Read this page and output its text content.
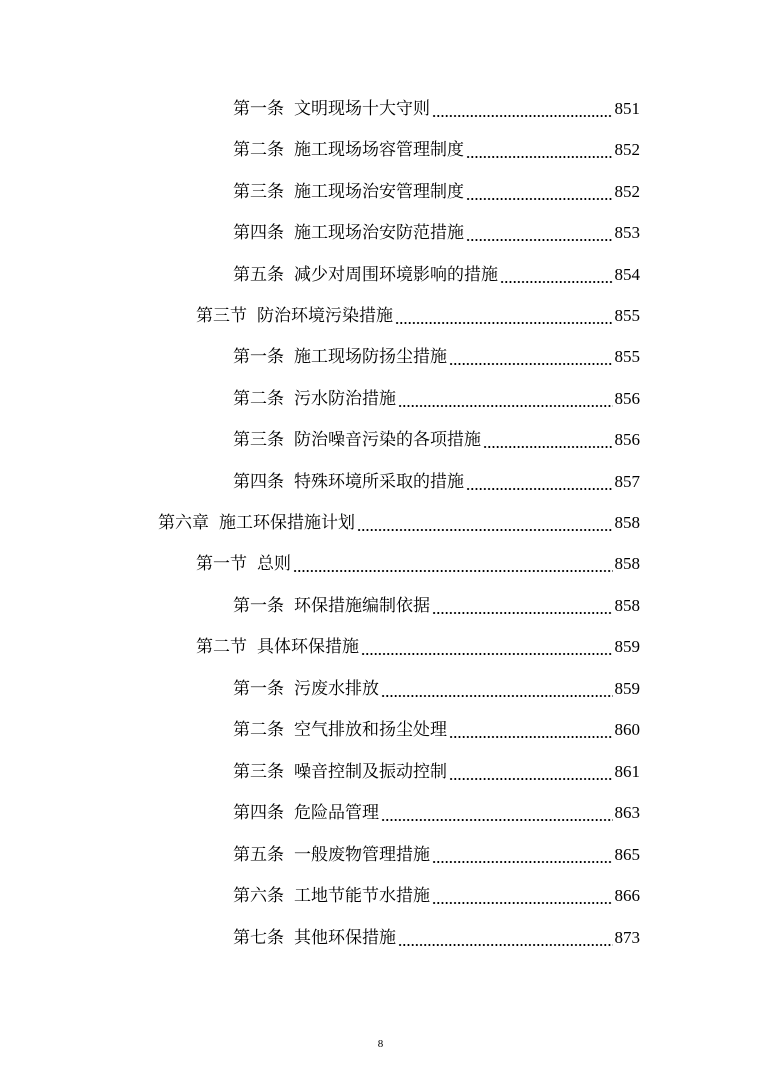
第一条 文明现场十大守则	851
第二条 施工现场场容管理制度	852
第三条 施工现场治安管理制度	852
第四条 施工现场治安防范措施	853
第五条 减少对周围环境影响的措施	854
第三节 防治环境污染措施	855
第一条 施工现场防扬尘措施	855
第二条 污水防治措施	856
第三条 防治噪音污染的各项措施	856
第四条 特殊环境所采取的措施	857
第六章 施工环保措施计划	858
第一节 总则	858
第一条 环保措施编制依据	858
第二节 具体环保措施	859
第一条 污废水排放	859
第二条 空气排放和扬尘处理	860
第三条 噪音控制及振动控制	861
第四条 危险品管理	863
第五条 一般废物管理措施	865
第六条 工地节能节水措施	866
第七条 其他环保措施	873
8
